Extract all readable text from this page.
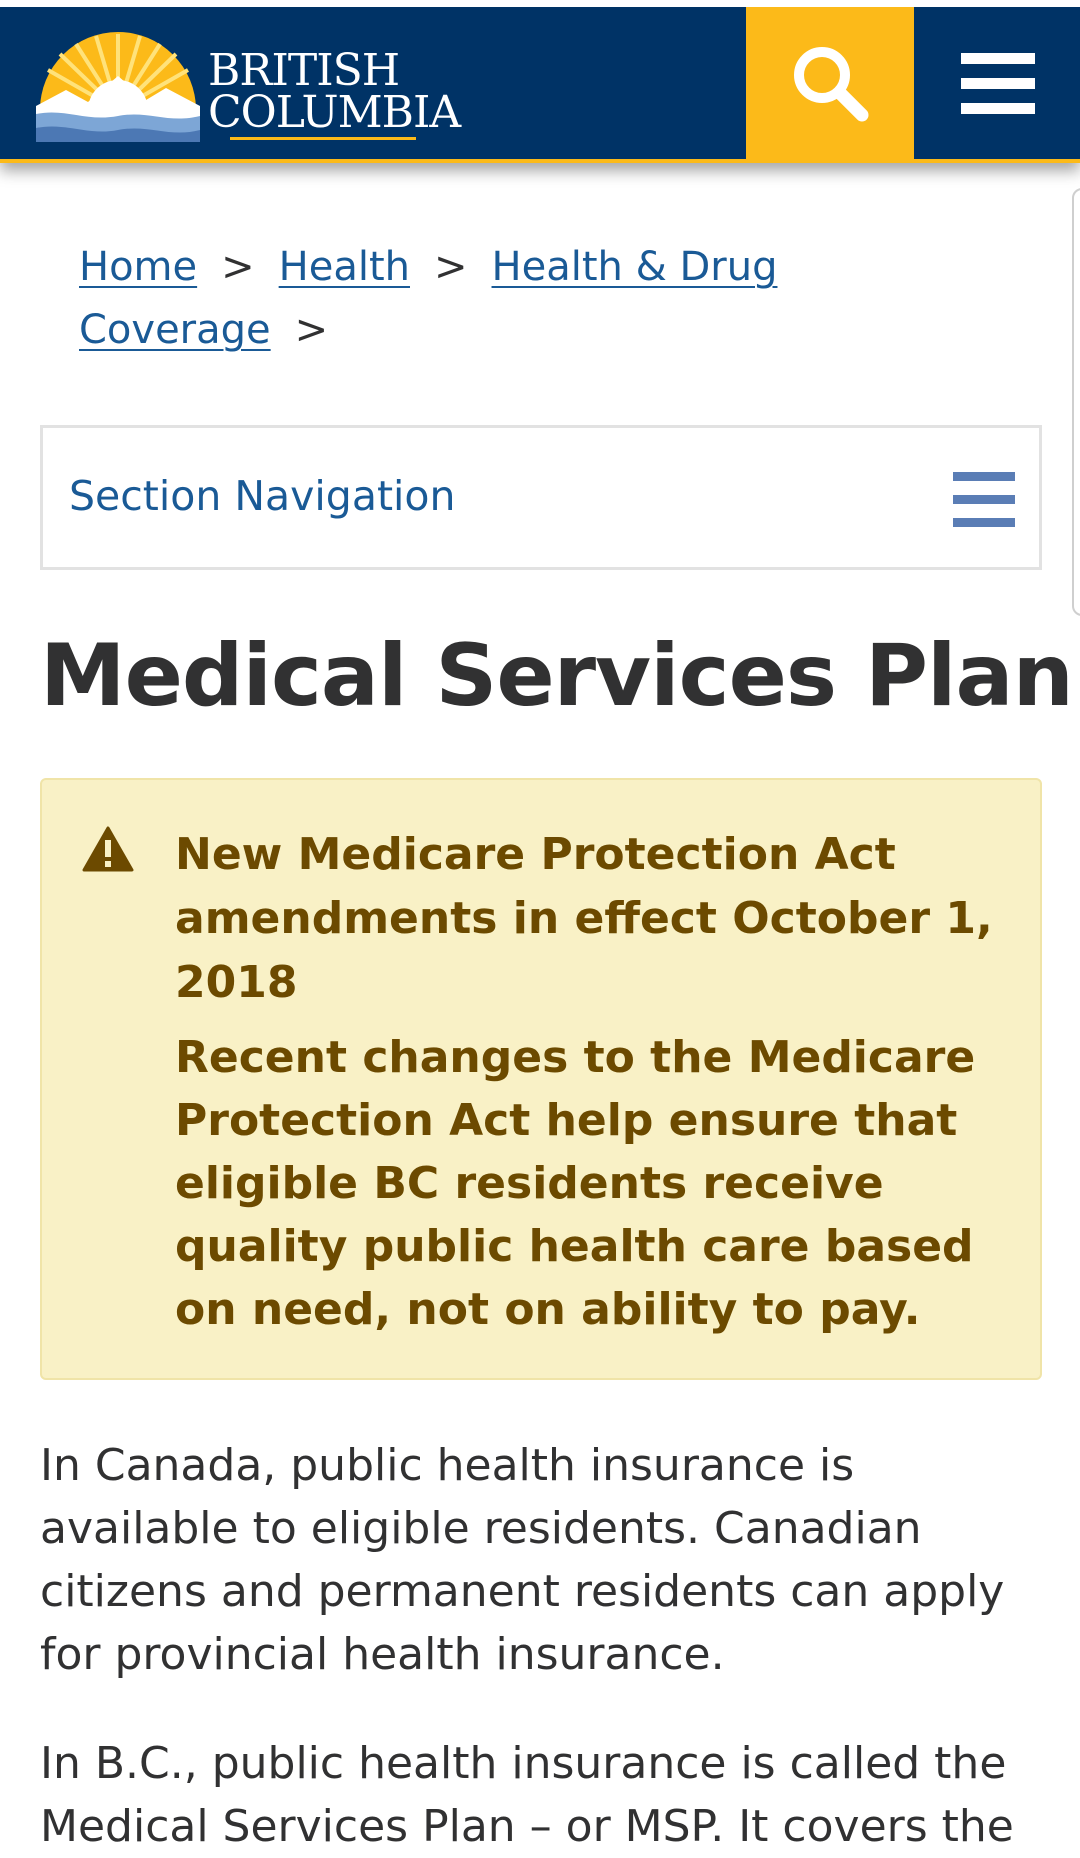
BRITISH
COLUMBIA
Home > Health > Health & Drug Coverage >
Section Navigation
Medical Services Plan

New Medicare Protection Act amendments in effect October 1, 2018

Recent changes to the Medicare Protection Act help ensure that eligible BC residents receive quality public health care based on need, not on ability to pay.

In Canada, public health insurance is available to eligible residents. Canadian citizens and permanent residents can apply for provincial health insurance.

In B.C., public health insurance is called the Medical Services Plan – or MSP. It covers the
